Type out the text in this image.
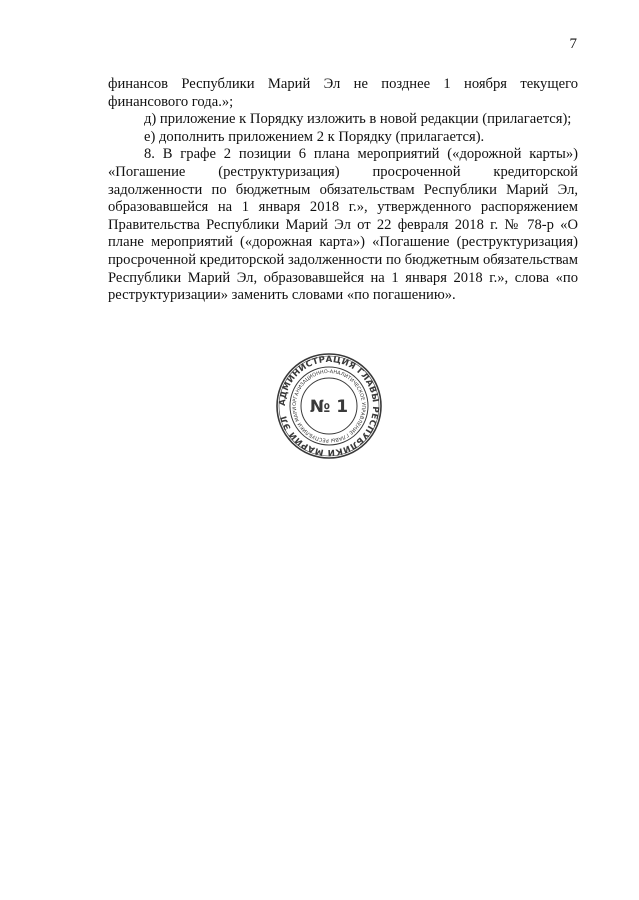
7

финансов Республики Марий Эл не позднее 1 ноября текущего финансового года.»;

д) приложение к Порядку изложить в новой редакции (прилагается);

е) дополнить приложением 2 к Порядку (прилагается).

8. В графе 2 позиции 6 плана мероприятий («дорожной карты») «Погашение (реструктуризация) просроченной кредиторской задолженности по бюджетным обязательствам Республики Марий Эл, образовавшейся на 1 января 2018 г.», утвержденного распоряжением Правительства Республики Марий Эл от 22 февраля 2018 г. № 78-р «О плане мероприятий («дорожная карта») «Погашение (реструктуризация) просроченной кредиторской задолженности по бюджетным обязательствам Республики Марий Эл, образовавшейся на 1 января 2018 г.», слова «по реструктуризации» заменить словами «по погашению».

АДМИНИСТРАЦИЯ ГЛАВЫ РЕСПУБЛИКИ МАРИЙ ЭЛ
ОРГАНИЗАЦИОННО-АНАЛИТИЧЕСКОЕ УПРАВЛЕНИЕ ГЛАВЫ РЕСПУБЛИКИ МАРИ № 1
